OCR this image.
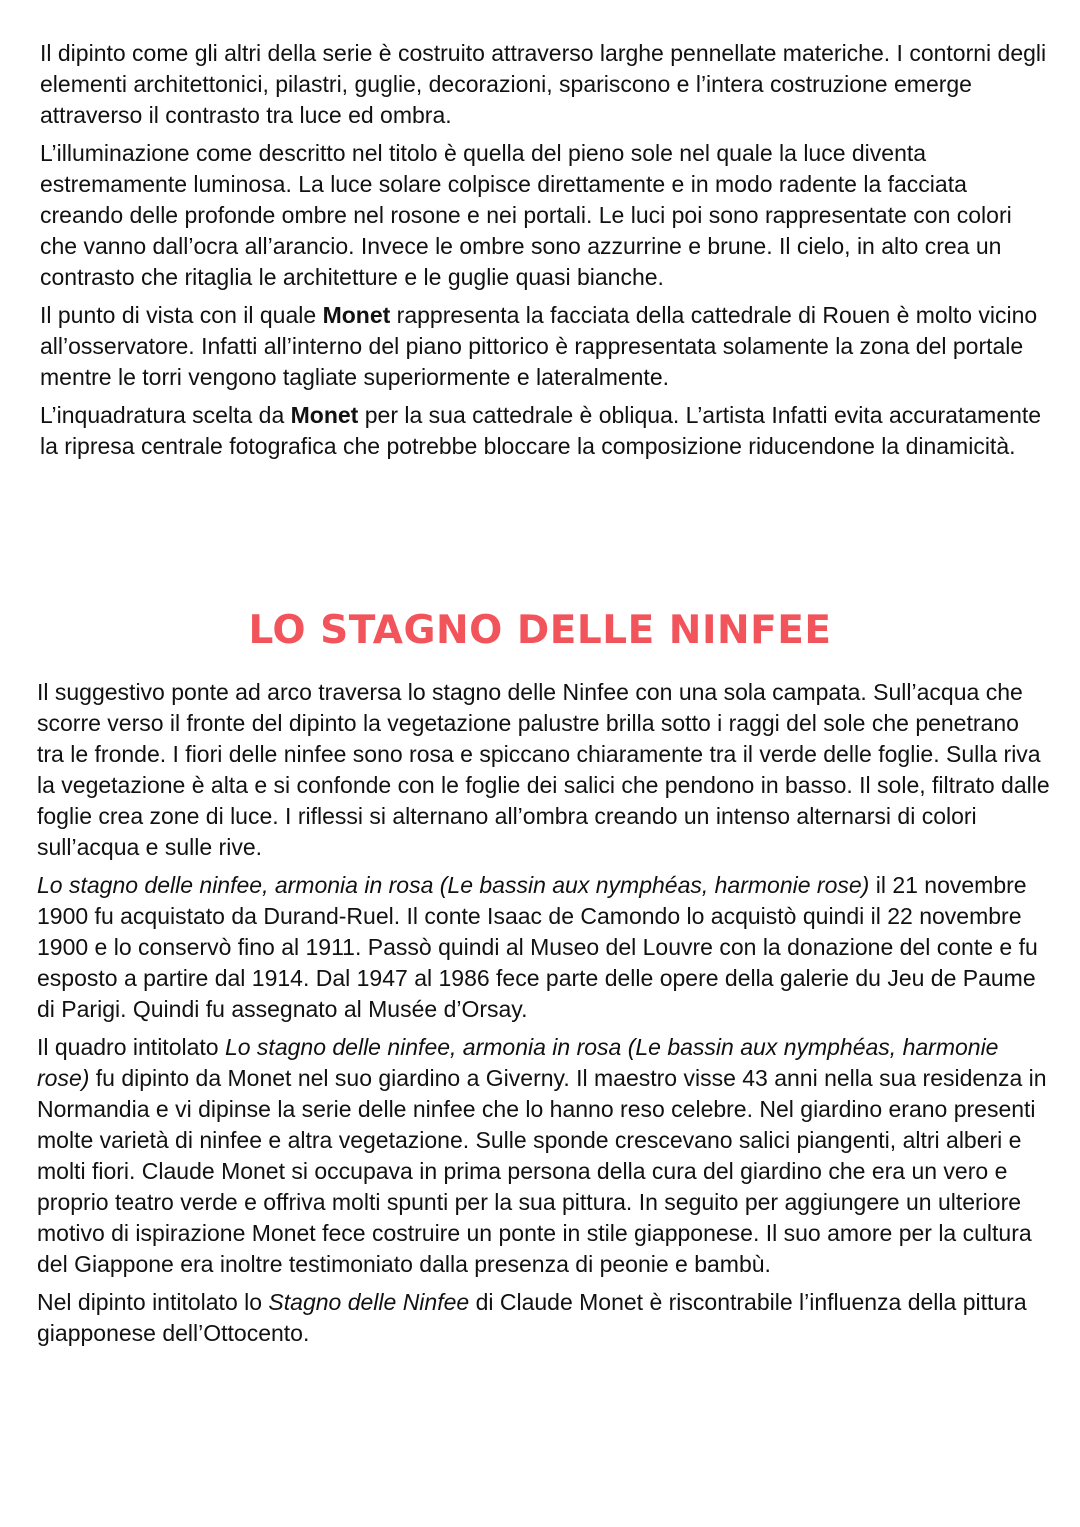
Il dipinto come gli altri della serie è costruito attraverso larghe pennellate materiche. I contorni degli elementi architettonici, pilastri, guglie, decorazioni, spariscono e l’intera costruzione emerge attraverso il contrasto tra luce ed ombra.

L’illuminazione come descritto nel titolo è quella del pieno sole nel quale la luce diventa estremamente luminosa. La luce solare colpisce direttamente e in modo radente la facciata creando delle profonde ombre nel rosone e nei portali. Le luci poi sono rappresentate con colori che vanno dall’ocra all’arancio. Invece le ombre sono azzurrine e brune. Il cielo, in alto crea un contrasto che ritaglia le architetture e le guglie quasi bianche.

Il punto di vista con il quale Monet rappresenta la facciata della cattedrale di Rouen è molto vicino all’osservatore. Infatti all’interno del piano pittorico è rappresentata solamente la zona del portale mentre le torri vengono tagliate superiormente e lateralmente.

L’inquadratura scelta da Monet per la sua cattedrale è obliqua. L’artista Infatti evita accuratamente la ripresa centrale fotografica che potrebbe bloccare la composizione riducendone la dinamicità.

LO STAGNO DELLE NINFEE

Il suggestivo ponte ad arco traversa lo stagno delle Ninfee con una sola campata. Sull’acqua che scorre verso il fronte del dipinto la vegetazione palustre brilla sotto i raggi del sole che penetrano tra le fronde. I fiori delle ninfee sono rosa e spiccano chiaramente tra il verde delle foglie. Sulla riva la vegetazione è alta e si confonde con le foglie dei salici che pendono in basso. Il sole, filtrato dalle foglie crea zone di luce. I riflessi si alternano all’ombra creando un intenso alternarsi di colori sull’acqua e sulle rive.

Lo stagno delle ninfee, armonia in rosa (Le bassin aux nymphéas, harmonie rose) il 21 novembre 1900 fu acquistato da Durand-Ruel. Il conte Isaac de Camondo lo acquistò quindi il 22 novembre 1900 e lo conservò fino al 1911. Passò quindi al Museo del Louvre con la donazione del conte e fu esposto a partire dal 1914. Dal 1947 al 1986 fece parte delle opere della galerie du Jeu de Paume di Parigi. Quindi fu assegnato al Musée d’Orsay.

Il quadro intitolato Lo stagno delle ninfee, armonia in rosa (Le bassin aux nymphéas, harmonie rose) fu dipinto da Monet nel suo giardino a Giverny. Il maestro visse 43 anni nella sua residenza in Normandia e vi dipinse la serie delle ninfee che lo hanno reso celebre. Nel giardino erano presenti molte varietà di ninfee e altra vegetazione. Sulle sponde crescevano salici piangenti, altri alberi e molti fiori. Claude Monet si occupava in prima persona della cura del giardino che era un vero e proprio teatro verde e offriva molti spunti per la sua pittura. In seguito per aggiungere un ulteriore motivo di ispirazione Monet fece costruire un ponte in stile giapponese. Il suo amore per la cultura del Giappone era inoltre testimoniato dalla presenza di peonie e bambù.

Nel dipinto intitolato lo Stagno delle Ninfee di Claude Monet è riscontrabile l’influenza della pittura giapponese dell’Ottocento.
